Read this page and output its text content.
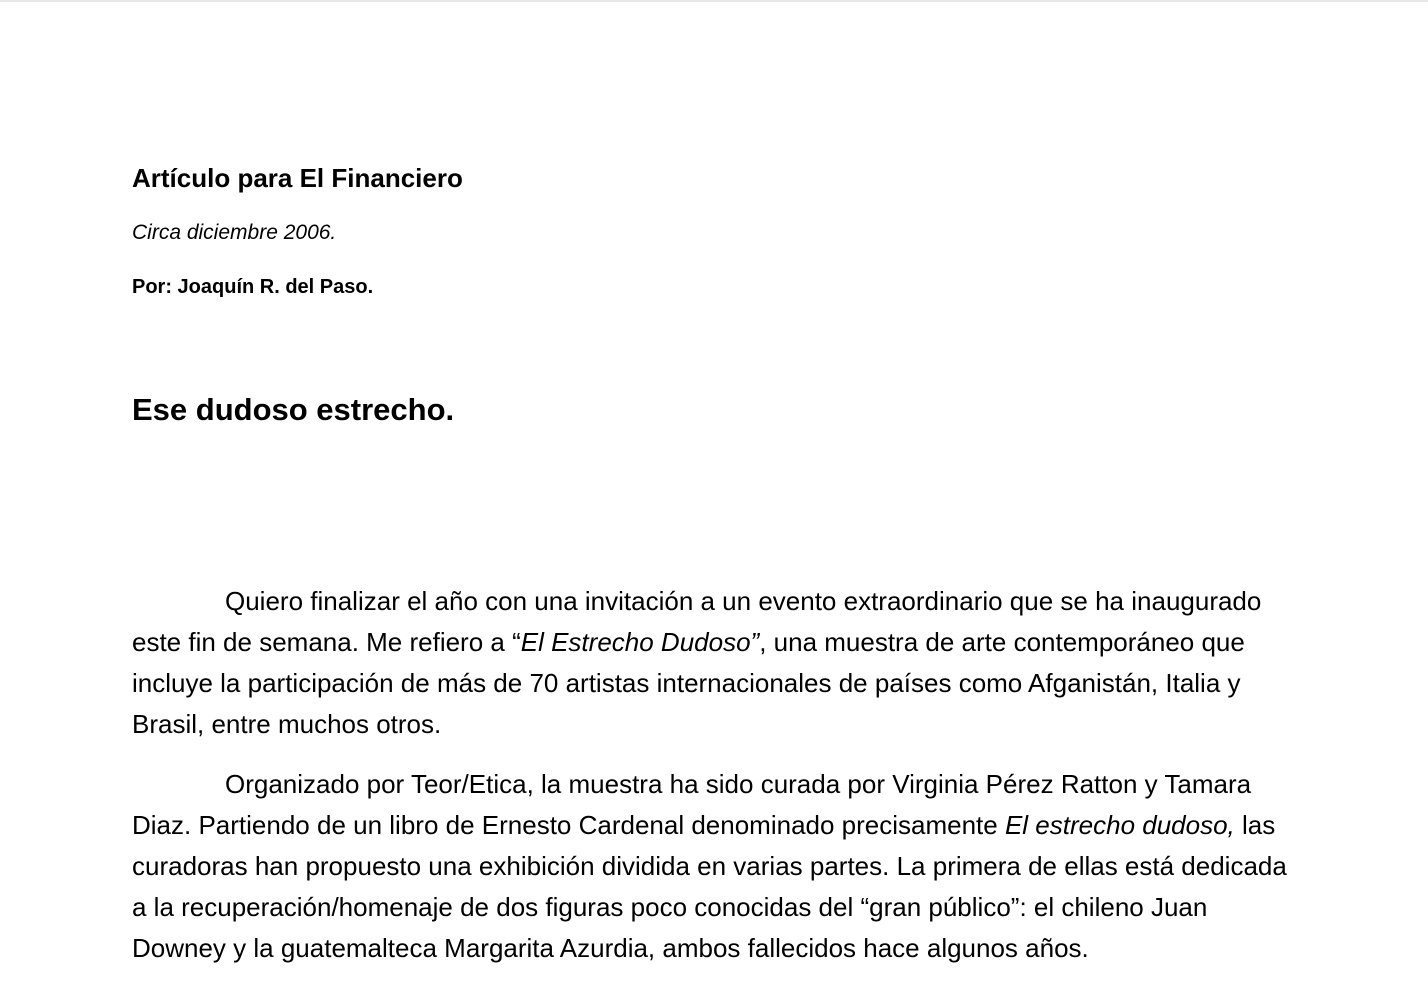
Artículo para El Financiero

Circa diciembre 2006.

Por: Joaquín R. del Paso.

Ese dudoso estrecho.

Quiero finalizar el año con una invitación a un evento extraordinario que se ha inaugurado este fin de semana. Me refiero a “El Estrecho Dudoso”, una muestra de arte contemporáneo que incluye la participación de más de 70 artistas internacionales de países como Afganistán, Italia y Brasil, entre muchos otros.

Organizado por Teor/Etica, la muestra ha sido curada por Virginia Pérez Ratton y Tamara Diaz. Partiendo de un libro de Ernesto Cardenal denominado precisamente El estrecho dudoso, las curadoras han propuesto una exhibición dividida en varias partes. La primera de ellas está dedicada a la recuperación/homenaje de dos figuras poco conocidas del “gran público”: el chileno Juan Downey y la guatemalteca Margarita Azurdia, ambos fallecidos hace algunos años.
